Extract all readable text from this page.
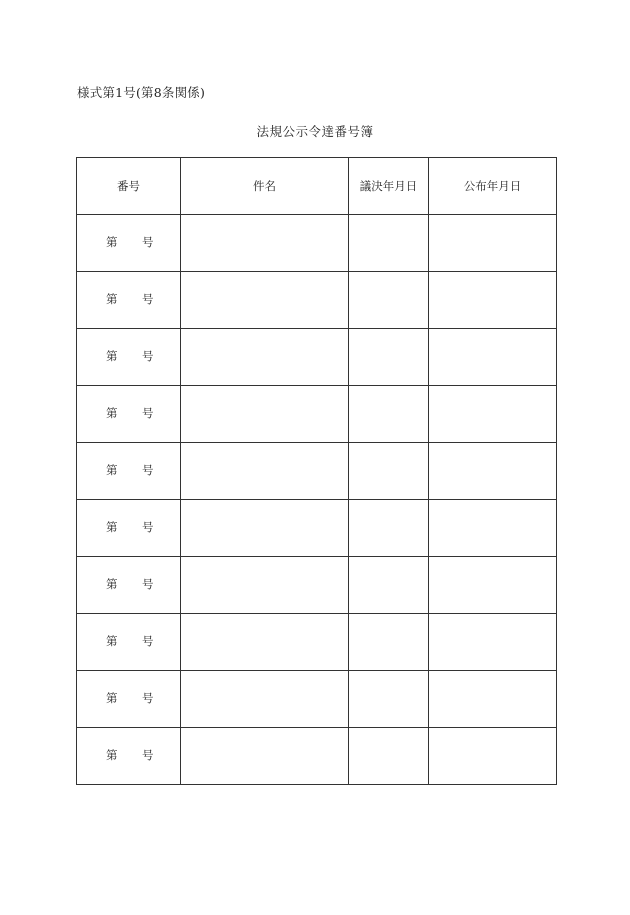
様式第1号(第8条関係)
法規公示令達番号簿
番号	件名	議決年月日	公布年月日

第 号			

第 号			

第 号			

第 号			

第 号			

第 号			

第 号			

第 号			

第 号			

第 号			
